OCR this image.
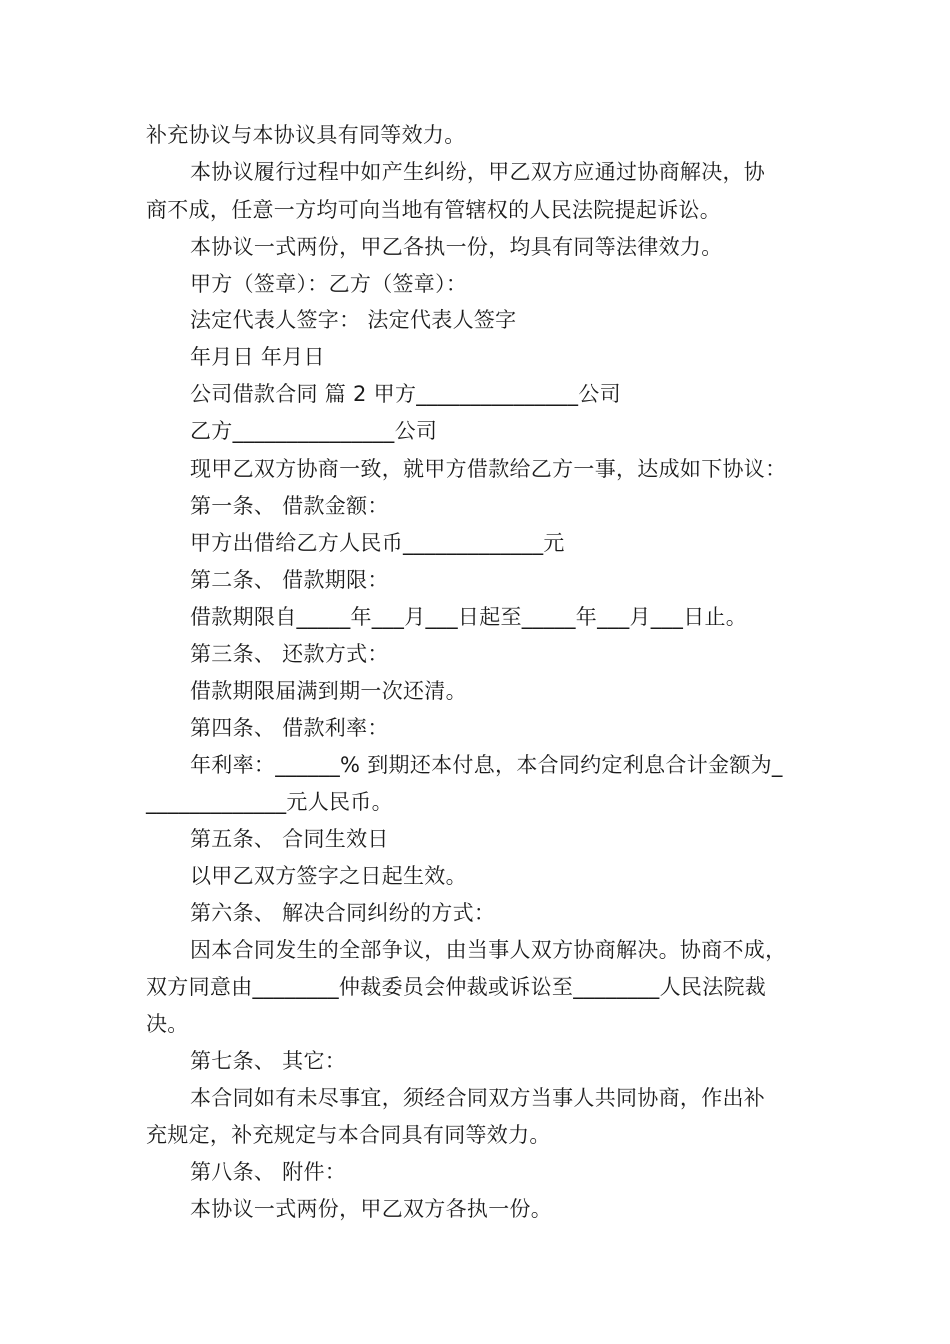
补充协议与本协议具有同等效力。
本协议履行过程中如产生纠纷，甲乙双方应通过协商解决，协
商不成，任意一方均可向当地有管辖权的人民法院提起诉讼。
本协议一式两份，甲乙各执一份，均具有同等法律效力。
甲方（签章）：乙方（签章）：
法定代表人签字： 法定代表人签字
年月日 年月日
公司借款合同 篇 2 甲方_______________公司
乙方_______________公司
现甲乙双方协商一致，就甲方借款给乙方一事，达成如下协议：
第一条、 借款金额：
甲方出借给乙方人民币_____________元
第二条、 借款期限：
借款期限自_____年___月___日起至_____年___月___日止。
第三条、 还款方式：
借款期限届满到期一次还清。
第四条、 借款利率：
年利率：______% 到期还本付息，本合同约定利息合计金额为_
_____________元人民币。
第五条、 合同生效日
以甲乙双方签字之日起生效。
第六条、 解决合同纠纷的方式：
因本合同发生的全部争议，由当事人双方协商解决。协商不成，
双方同意由________仲裁委员会仲裁或诉讼至________人民法院裁
决。
第七条、 其它：
本合同如有未尽事宜，须经合同双方当事人共同协商，作出补
充规定，补充规定与本合同具有同等效力。
第八条、 附件：
本协议一式两份，甲乙双方各执一份。
